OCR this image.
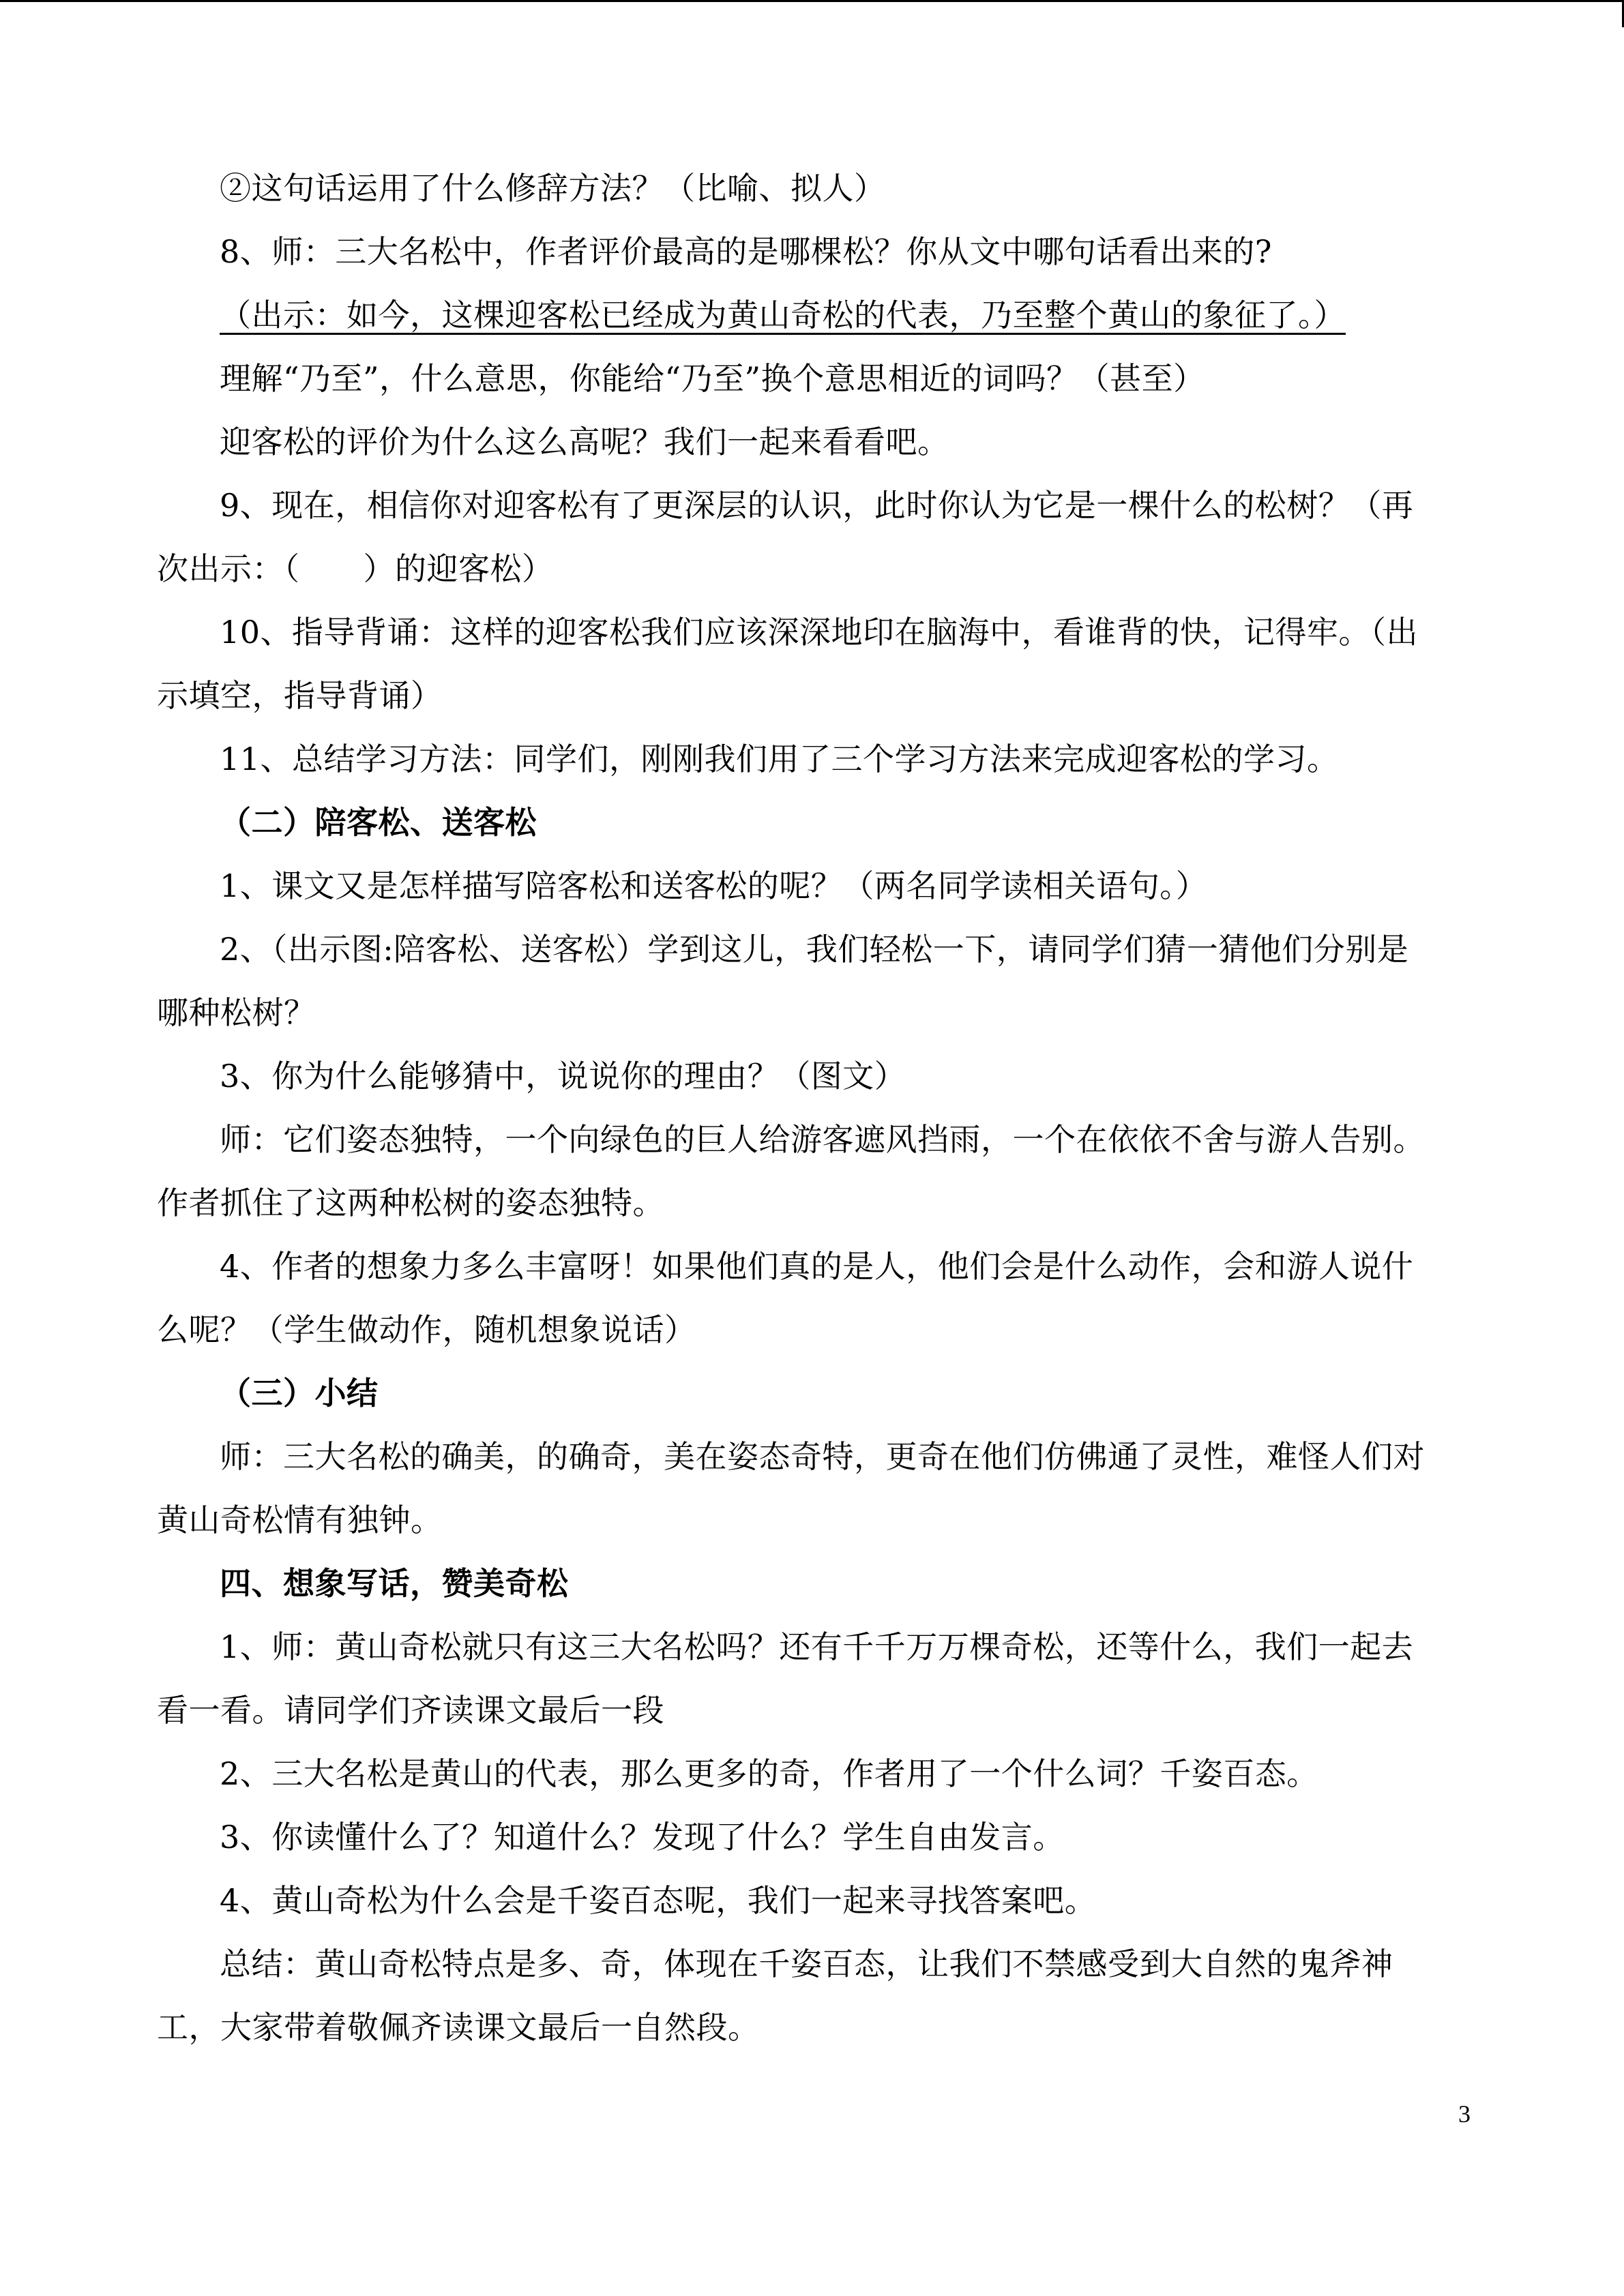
②这句话运用了什么修辞方法？（比喻、拟人）
8、师：三大名松中，作者评价最高的是哪棵松？你从文中哪句话看出来的?
（出示：如今，这棵迎客松已经成为黄山奇松的代表，乃至整个黄山的象征了。）
理解“乃至”，什么意思，你能给“乃至”换个意思相近的词吗？（甚至）
迎客松的评价为什么这么高呢？我们一起来看看吧。
9、现在，相信你对迎客松有了更深层的认识，此时你认为它是一棵什么的松树？（再
次出示：（　　）的迎客松）
10、指导背诵：这样的迎客松我们应该深深地印在脑海中，看谁背的快，记得牢。（出
示填空，指导背诵）
11、总结学习方法：同学们，刚刚我们用了三个学习方法来完成迎客松的学习。
（二）陪客松、送客松
1、课文又是怎样描写陪客松和送客松的呢？（两名同学读相关语句。）
2、（出示图:陪客松、送客松）学到这儿，我们轻松一下，请同学们猜一猜他们分别是
哪种松树？
3、你为什么能够猜中，说说你的理由？（图文）
师：它们姿态独特，一个向绿色的巨人给游客遮风挡雨，一个在依依不舍与游人告别。
作者抓住了这两种松树的姿态独特。
4、作者的想象力多么丰富呀！如果他们真的是人，他们会是什么动作，会和游人说什
么呢？（学生做动作，随机想象说话）
（三）小结
师：三大名松的确美，的确奇，美在姿态奇特，更奇在他们仿佛通了灵性，难怪人们对
黄山奇松情有独钟。
四、想象写话，赞美奇松
1、师：黄山奇松就只有这三大名松吗？还有千千万万棵奇松，还等什么，我们一起去
看一看。请同学们齐读课文最后一段
2、三大名松是黄山的代表，那么更多的奇，作者用了一个什么词？千姿百态。
3、你读懂什么了？知道什么？发现了什么？学生自由发言。
4、黄山奇松为什么会是千姿百态呢，我们一起来寻找答案吧。
总结：黄山奇松特点是多、奇，体现在千姿百态，让我们不禁感受到大自然的鬼斧神
工，大家带着敬佩齐读课文最后一自然段。
3
